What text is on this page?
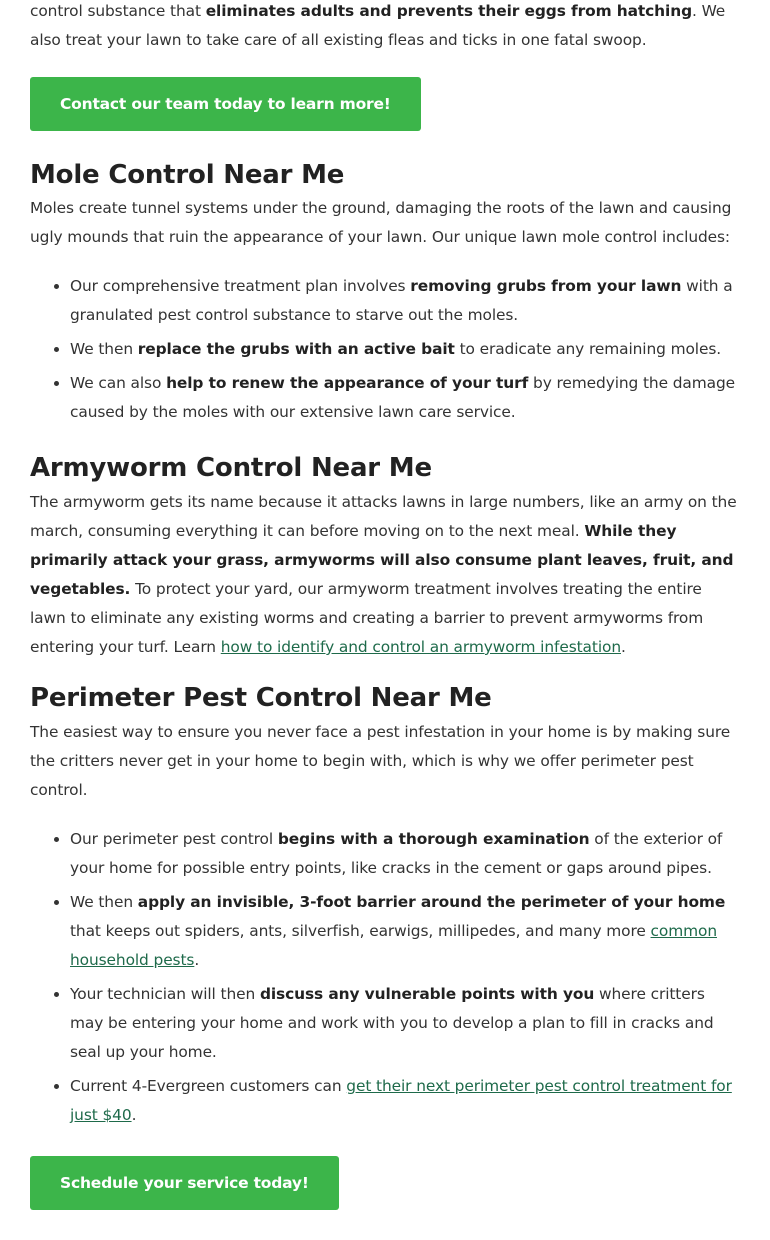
control substance that eliminates adults and prevents their eggs from hatching. We also treat your lawn to take care of all existing fleas and ticks in one fatal swoop.

Contact our team today to learn more!
Mole Control Near Me

Moles create tunnel systems under the ground, damaging the roots of the lawn and causing ugly mounds that ruin the appearance of your lawn. Our unique lawn mole control includes:

• Our comprehensive treatment plan involves removing grubs from your lawn with a granulated pest control substance to starve out the moles.
• We then replace the grubs with an active bait to eradicate any remaining moles.
• We can also help to renew the appearance of your turf by remedying the damage caused by the moles with our extensive lawn care service.
Armyworm Control Near Me

The armyworm gets its name because it attacks lawns in large numbers, like an army on the march, consuming everything it can before moving on to the next meal. While they primarily attack your grass, armyworms will also consume plant leaves, fruit, and vegetables. To protect your yard, our armyworm treatment involves treating the entire lawn to eliminate any existing worms and creating a barrier to prevent armyworms from entering your turf. Learn how to identify and control an armyworm infestation.

Perimeter Pest Control Near Me

The easiest way to ensure you never face a pest infestation in your home is by making sure the critters never get in your home to begin with, which is why we offer perimeter pest control.

• Our perimeter pest control begins with a thorough examination of the exterior of your home for possible entry points, like cracks in the cement or gaps around pipes.
• We then apply an invisible, 3-foot barrier around the perimeter of your home that keeps out spiders, ants, silverfish, earwigs, millipedes, and many more common household pests.
• Your technician will then discuss any vulnerable points with you where critters may be entering your home and work with you to develop a plan to fill in cracks and seal up your home.
• Current 4-Evergreen customers can get their next perimeter pest control treatment for just $40.
Schedule your service today!
